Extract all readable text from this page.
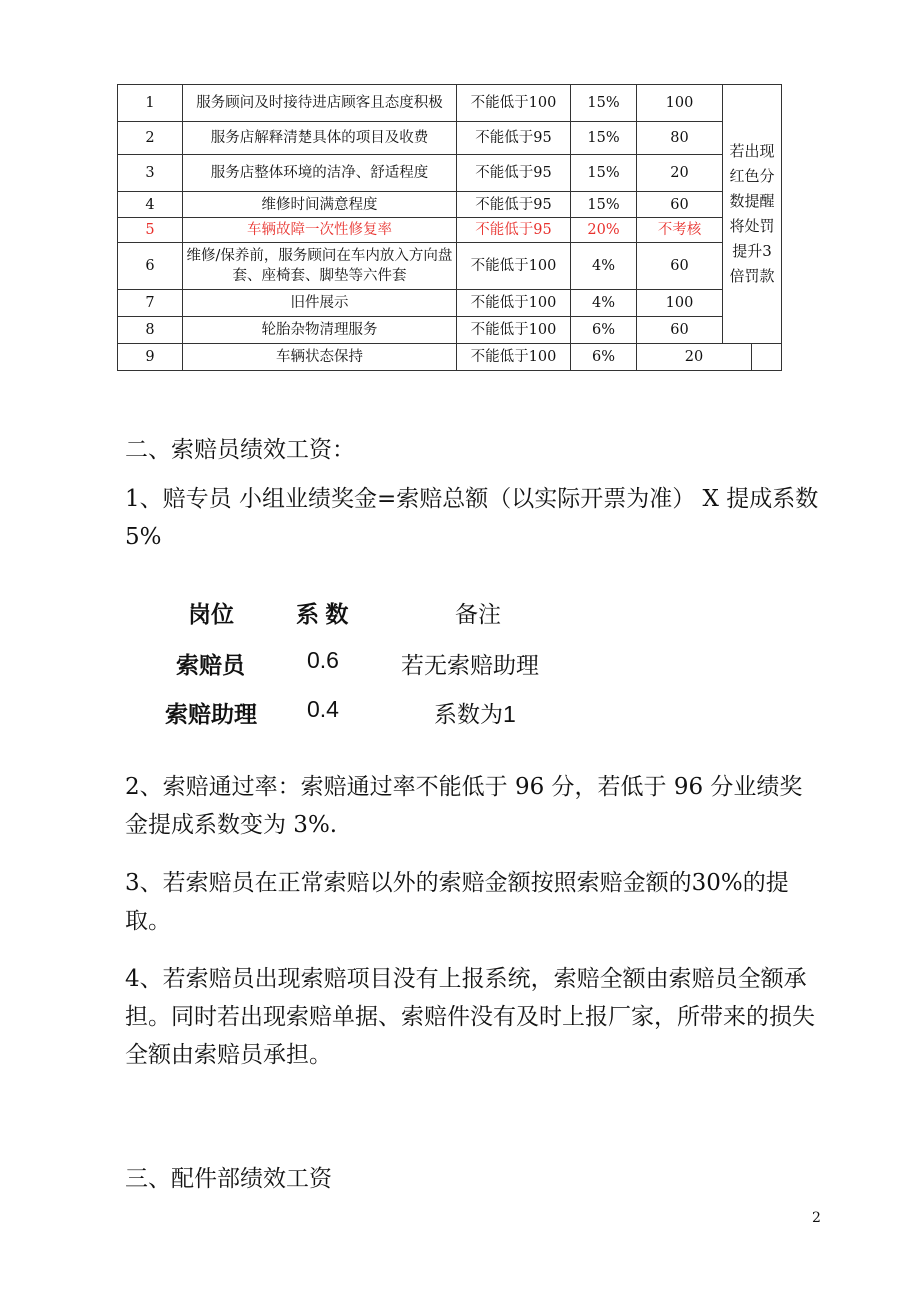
1	服务顾问及时接待进店顾客且态度积极	不能低于100	15%	100	若出现红色分数提醒将处罚提升3倍罚款	
2	服务店解释清楚具体的项目及收费	不能低于95	15%	80		
3	服务店整体环境的洁净、舒适程度	不能低于95	15%	20		
4	维修时间满意程度	不能低于95	15%	60		
5	车辆故障一次性修复率	不能低于95	20%	不考核		
6	维修/保养前，服务顾问在车内放入方向盘套、座椅套、脚垫等六件套	不能低于100	4%	60		
7	旧件展示	不能低于100	4%	100		
8	轮胎杂物清理服务	不能低于100	6%	60		
9	车辆状态保持	不能低于100	6%	20		

二、索赔员绩效工资：

1、赔专员 小组业绩奖金=索赔总额（以实际开票为准） X 提成系数5%

岗位	系 数	备注

索赔员	0.6	若无索赔助理

索赔助理 0.4	系数为1

2、索赔通过率：索赔通过率不能低于 96 分，若低于 96 分业绩奖金提成系数变为 3%.

3、若索赔员在正常索赔以外的索赔金额按照索赔金额的30%的提取。

4、若索赔员出现索赔项目没有上报系统，索赔全额由索赔员全额承担。同时若出现索赔单据、索赔件没有及时上报厂家，所带来的损失全额由索赔员承担。

三、配件部绩效工资

2
